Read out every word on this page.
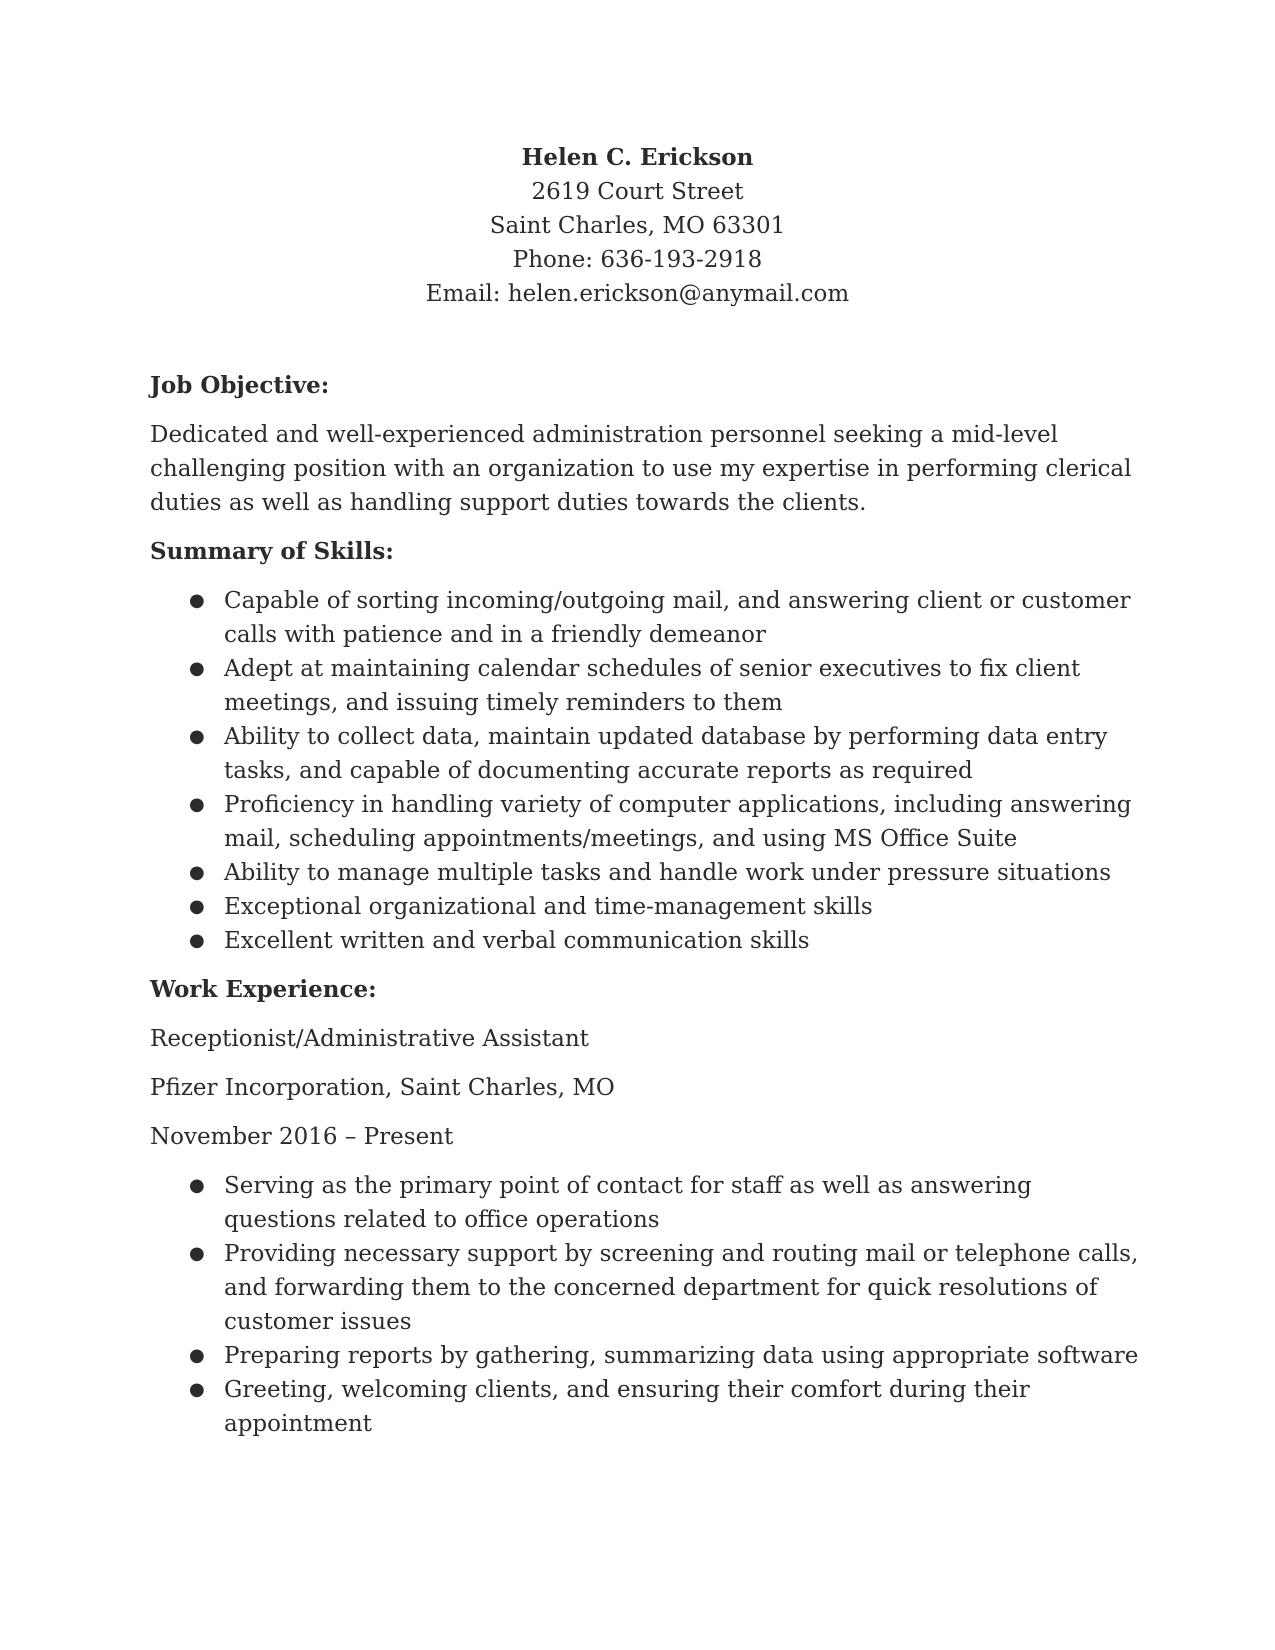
Helen C. Erickson
2619 Court Street
Saint Charles, MO 63301
Phone: 636-193-2918
Email: helen.erickson@anymail.com
Job Objective:

Dedicated and well-experienced administration personnel seeking a mid-level challenging position with an organization to use my expertise in performing clerical duties as well as handling support duties towards the clients.

Summary of Skills:
● Capable of sorting incoming/outgoing mail, and answering client or customer calls with patience and in a friendly demeanor
● Adept at maintaining calendar schedules of senior executives to fix client meetings, and issuing timely reminders to them
● Ability to collect data, maintain updated database by performing data entry tasks, and capable of documenting accurate reports as required
● Proficiency in handling variety of computer applications, including answering mail, scheduling appointments/meetings, and using MS Office Suite
● Ability to manage multiple tasks and handle work under pressure situations
● Exceptional organizational and time-management skills
● Excellent written and verbal communication skills
Work Experience:
Receptionist/Administrative Assistant
Pfizer Incorporation, Saint Charles, MO
November 2016 – Present
● Serving as the primary point of contact for staff as well as answering questions related to office operations
● Providing necessary support by screening and routing mail or telephone calls, and forwarding them to the concerned department for quick resolutions of customer issues
● Preparing reports by gathering, summarizing data using appropriate software
● Greeting, welcoming clients, and ensuring their comfort during their appointment
